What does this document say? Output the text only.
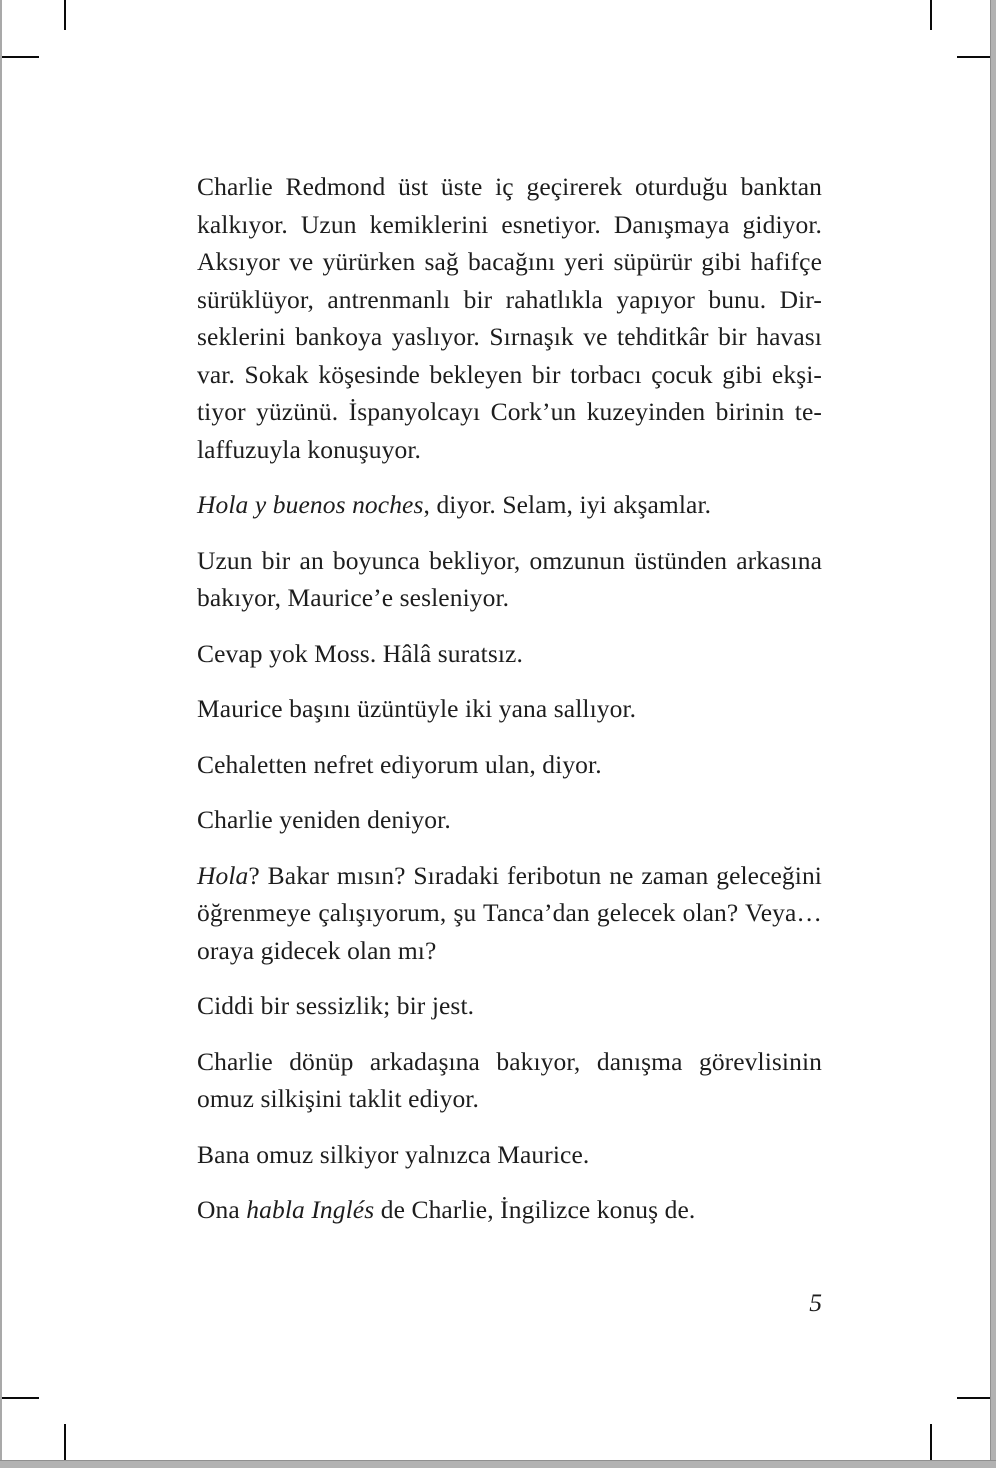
Charlie Redmond üst üste iç geçirerek oturduğu banktan
kalkıyor. Uzun kemiklerini esnetiyor. Danışmaya gidiyor.
Aksıyor ve yürürken sağ bacağını yeri süpürür gibi hafifçe
sürüklüyor, antrenmanlı bir rahatlıkla yapıyor bunu. Dir-
seklerini bankoya yaslıyor. Sırnaşık ve tehditkâr bir havası
var. Sokak köşesinde bekleyen bir torbacı çocuk gibi ekşi-
tiyor yüzünü. İspanyolcayı Cork’un kuzeyinden birinin te-
laffuzuyla konuşuyor.
Hola y buenos noches, diyor. Selam, iyi akşamlar.
Uzun bir an boyunca bekliyor, omzunun üstünden arkasına
bakıyor, Maurice’e sesleniyor.
Cevap yok Moss. Hâlâ suratsız.
Maurice başını üzüntüyle iki yana sallıyor.
Cehaletten nefret ediyorum ulan, diyor.
Charlie yeniden deniyor.
Hola? Bakar mısın? Sıradaki feribotun ne zaman geleceğini
öğrenmeye çalışıyorum, şu Tanca’dan gelecek olan? Veya…
oraya gidecek olan mı?
Ciddi bir sessizlik; bir jest.
Charlie dönüp arkadaşına bakıyor, danışma görevlisinin
omuz silkişini taklit ediyor.
Bana omuz silkiyor yalnızca Maurice.
Ona habla Inglés de Charlie, İngilizce konuş de.
5
